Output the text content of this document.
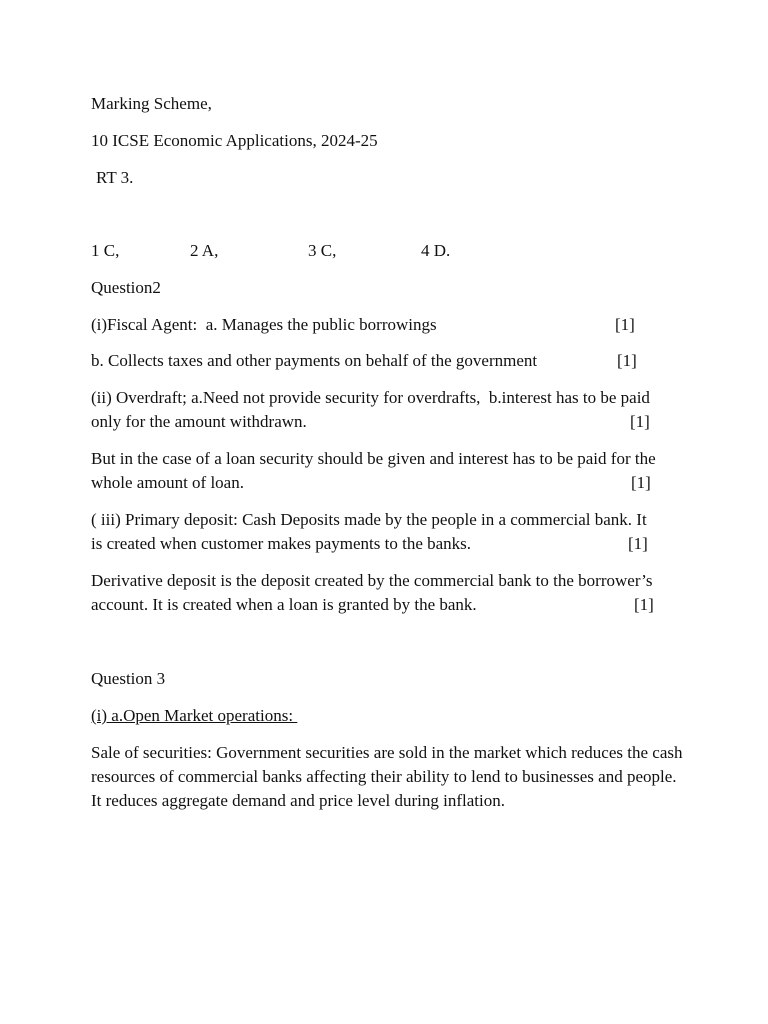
Marking Scheme,
10 ICSE Economic Applications, 2024-25
RT 3.
1 C,	2 A,	3 C,	4 D.
Question2
(i)Fiscal Agent:  a. Manages the public borrowings	[1]
b. Collects taxes and other payments on behalf of the government	[1]
(ii) Overdraft; a.Need not provide security for overdrafts,  b.interest has to be paid
only for the amount withdrawn.	[1]
But in the case of a loan security should be given and interest has to be paid for the
whole amount of loan.	[1]
( iii) Primary deposit: Cash Deposits made by the people in a commercial bank. It
is created when customer makes payments to the banks.	[1]
Derivative deposit is the deposit created by the commercial bank to the borrower’s
account. It is created when a loan is granted by the bank.	[1]
Question 3
(i) a.Open Market operations:
Sale of securities: Government securities are sold in the market which reduces the cash resources of commercial banks affecting their ability to lend to businesses and people. It reduces aggregate demand and price level during inflation.
